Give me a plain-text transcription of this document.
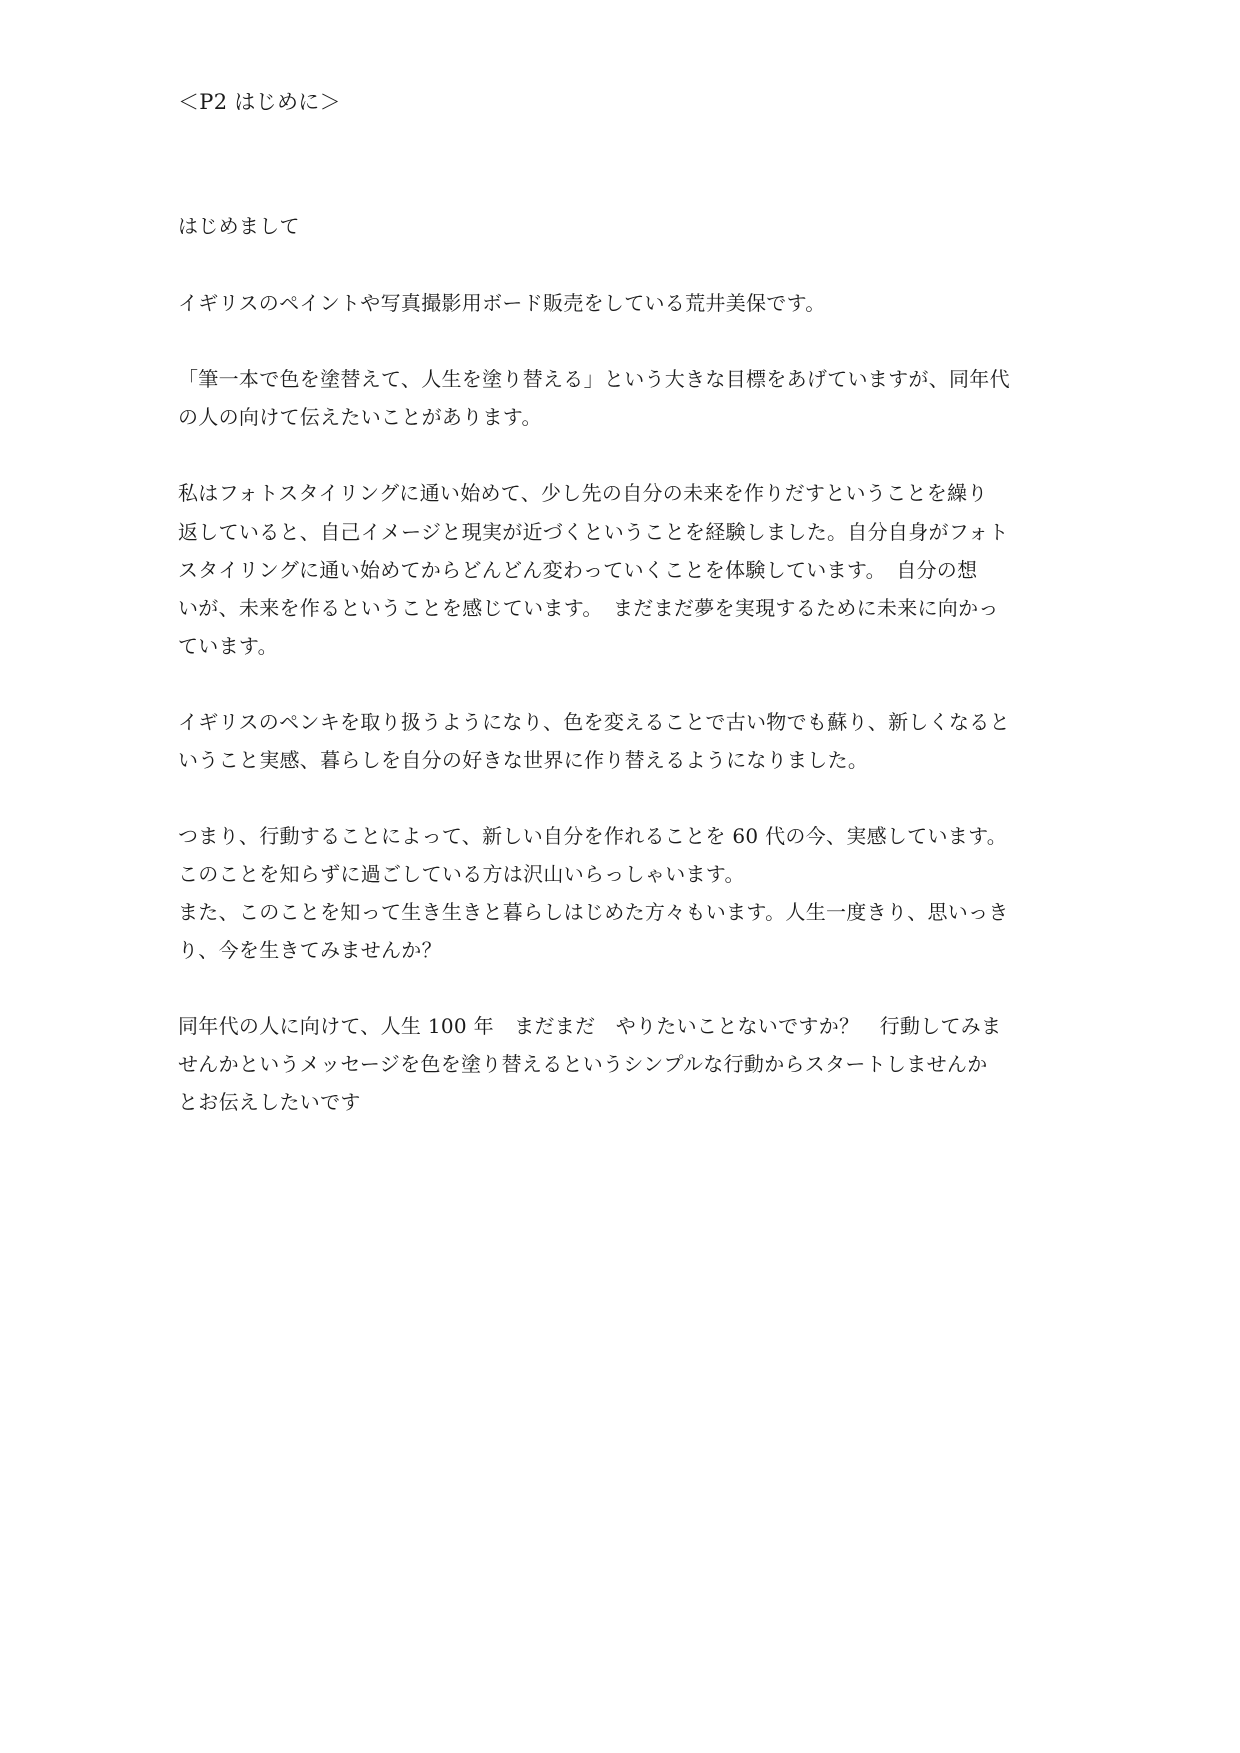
＜P2 はじめに＞

はじめまして

イギリスのペイントや写真撮影用ボード販売をしている荒井美保です。

「筆一本で色を塗替えて、人生を塗り替える」という大きな目標をあげていますが、同年代

の人の向けて伝えたいことがあります。

私はフォトスタイリングに通い始めて、少し先の自分の未来を作りだすということを繰り

返していると、自己イメージと現実が近づくということを経験しました。自分自身がフォト

スタイリングに通い始めてからどんどん変わっていくことを体験しています。　自分の想

いが、未来を作るということを感じています。　まだまだ夢を実現するために未来に向かっ

ています。

イギリスのペンキを取り扱うようになり、色を変えることで古い物でも蘇り、新しくなると

いうこと実感、暮らしを自分の好きな世界に作り替えるようになりました。

つまり、行動することによって、新しい自分を作れることを 60 代の今、実感しています。

このことを知らずに過ごしている方は沢山いらっしゃいます。

また、このことを知って生き生きと暮らしはじめた方々もいます。人生一度きり、思いっき

り、今を生きてみませんか？

同年代の人に向けて、人生 100 年　まだまだ　やりたいことないですか？　行動してみま

せんかというメッセージを色を塗り替えるというシンプルな行動からスタートしませんか

とお伝えしたいです
